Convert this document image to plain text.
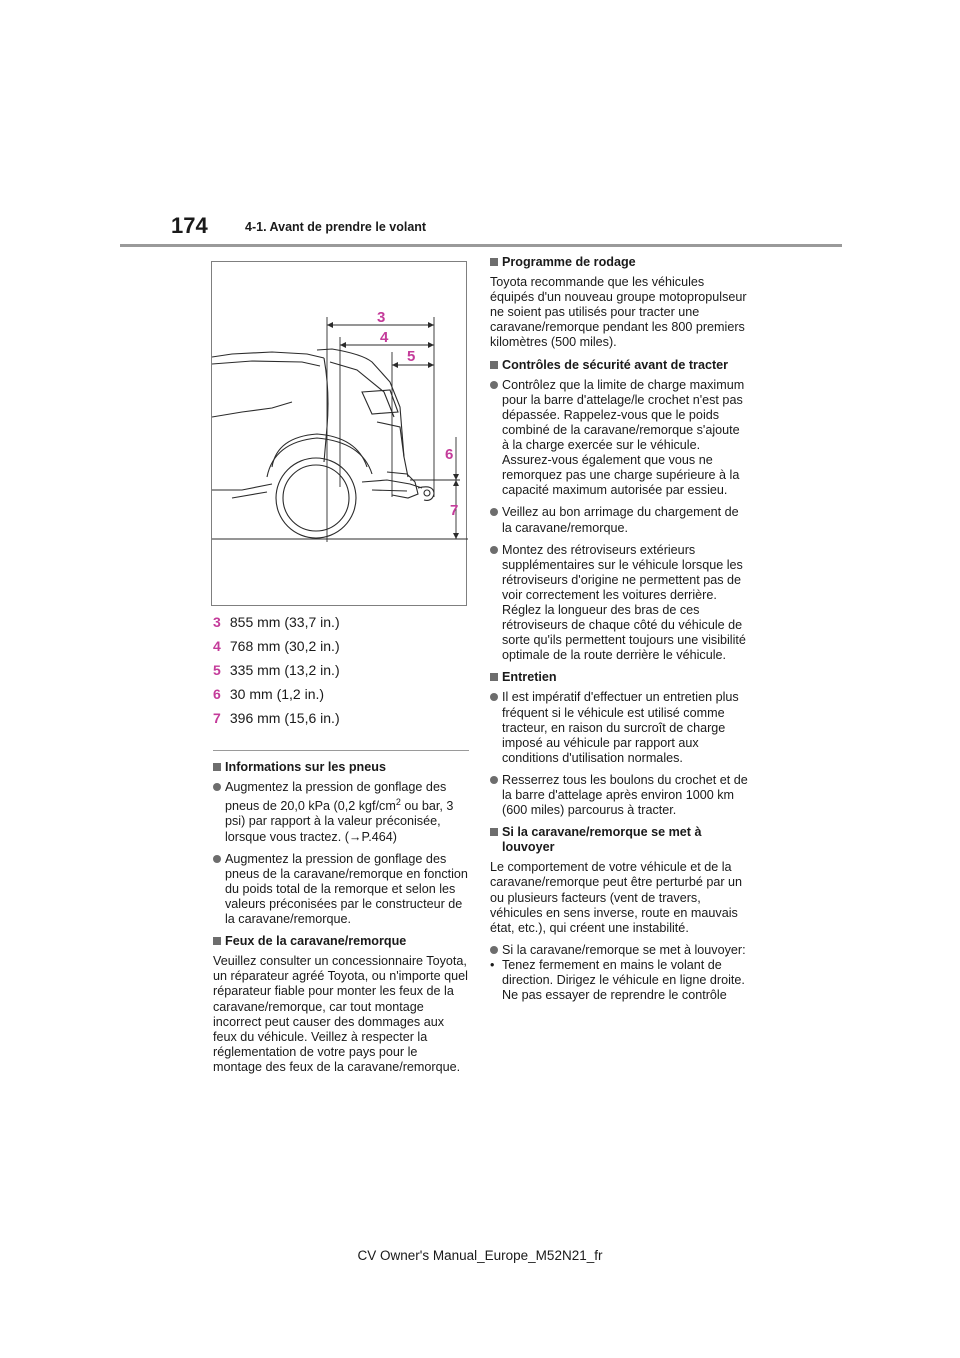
174	4-1. Avant de prendre le volant
3
4
5
6
7
3 855 mm (33,7 in.)
4 768 mm (30,2 in.)
5 335 mm (13,2 in.)
6 30 mm (1,2 in.)
7 396 mm (15,6 in.)
Informations sur les pneus
Augmentez la pression de gonflage des pneus de 20,0 kPa (0,2 kgf/$cm^2$ ou bar, 3 psi) par rapport à la valeur préconisée, lorsque vous tractez. (→P.464)
Augmentez la pression de gonflage des pneus de la caravane/remorque en fonction du poids total de la remorque et selon les valeurs préconisées par le constructeur de la caravane/remorque.
Feux de la caravane/remorque
Veuillez consulter un concessionnaire Toyota, un réparateur agréé Toyota, ou n'importe quel réparateur fiable pour monter les feux de la caravane/remorque, car tout montage incorrect peut causer des dommages aux feux du véhicule. Veillez à respecter la réglementation de votre pays pour le montage des feux de la caravane/remorque.
Programme de rodage
Toyota recommande que les véhicules équipés d'un nouveau groupe motopropulseur ne soient pas utilisés pour tracter une caravane/remorque pendant les 800 premiers kilomètres (500 miles).
Contrôles de sécurité avant de tracter
Contrôlez que la limite de charge maximum pour la barre d'attelage/le crochet n'est pas dépassée. Rappelez-vous que le poids combiné de la caravane/remorque s'ajoute à la charge exercée sur le véhicule. Assurez-vous également que vous ne remorquez pas une charge supérieure à la capacité maximum autorisée par essieu.
Veillez au bon arrimage du chargement de la caravane/remorque.
Montez des rétroviseurs extérieurs supplémentaires sur le véhicule lorsque les rétroviseurs d'origine ne permettent pas de voir correctement les voitures derrière. Réglez la longueur des bras de ces rétroviseurs de chaque côté du véhicule de sorte qu'ils permettent toujours une visibilité optimale de la route derrière le véhicule.
Entretien
Il est impératif d'effectuer un entretien plus fréquent si le véhicule est utilisé comme tracteur, en raison du surcroît de charge imposé au véhicule par rapport aux conditions d'utilisation normales.
Resserrez tous les boulons du crochet et de la barre d'attelage après environ 1000 km (600 miles) parcourus à tracter.
Si la caravane/remorque se met à louvoyer
Le comportement de votre véhicule et de la caravane/remorque peut être perturbé par un ou plusieurs facteurs (vent de travers, véhicules en sens inverse, route en mauvais état, etc.), qui créent une instabilité.
Si la caravane/remorque se met à louvoyer:
• Tenez fermement en mains le volant de direction. Dirigez le véhicule en ligne droite.
Ne pas essayer de reprendre le contrôle
CV Owner's Manual_Europe_M52N21_fr
